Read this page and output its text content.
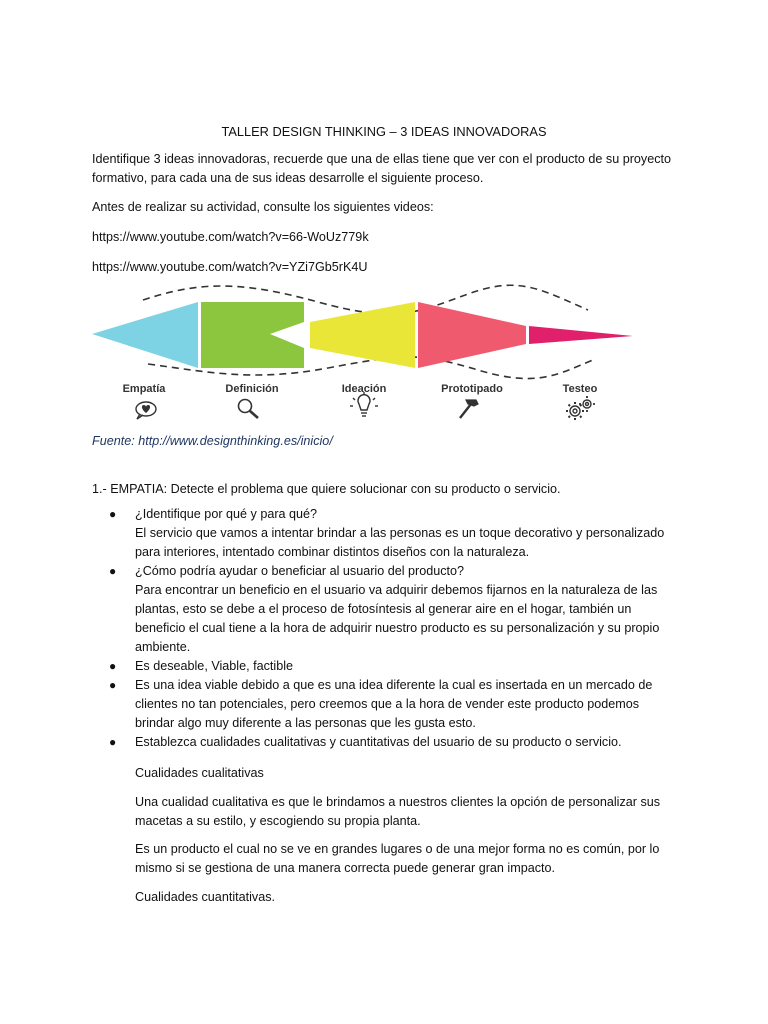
TALLER DESIGN THINKING – 3 IDEAS INNOVADORAS
Identifique 3 ideas innovadoras, recuerde que una de ellas tiene que ver con el producto de su proyecto
formativo, para cada una de sus ideas desarrolle el siguiente proceso.
Antes de realizar su actividad, consulte los siguientes videos:
https://www.youtube.com/watch?v=66-WoUz779k
https://www.youtube.com/watch?v=YZi7Gb5rK4U
Empatía	Definición	Ideación	Prototipado	Testeo
Fuente: http://www.designthinking.es/inicio/
1.- EMPATIA: Detecte el problema que quiere solucionar con su producto o servicio.
● ¿Identifique por qué y para qué?
El servicio que vamos a intentar brindar a las personas es un toque decorativo y personalizado
para interiores, intentado combinar distintos diseños con la naturaleza.
● ¿Cómo podría ayudar o beneficiar al usuario del producto?
Para encontrar un beneficio en el usuario va adquirir debemos fijarnos en la naturaleza de las
plantas, esto se debe a el proceso de fotosíntesis al generar aire en el hogar, también un
beneficio el cual tiene a la hora de adquirir nuestro producto es su personalización y su propio
ambiente.
● Es deseable, Viable, factible
● Es una idea viable debido a que es una idea diferente la cual es insertada en un mercado de
clientes no tan potenciales, pero creemos que a la hora de vender este producto podemos
brindar algo muy diferente a las personas que les gusta esto.
● Establezca cualidades cualitativas y cuantitativas del usuario de su producto o servicio.
Cualidades cualitativas
Una cualidad cualitativa es que le brindamos a nuestros clientes la opción de personalizar sus
macetas a su estilo, y escogiendo su propia planta.
Es un producto el cual no se ve en grandes lugares o de una mejor forma no es común, por lo
mismo si se gestiona de una manera correcta puede generar gran impacto.
Cualidades cuantitativas.
